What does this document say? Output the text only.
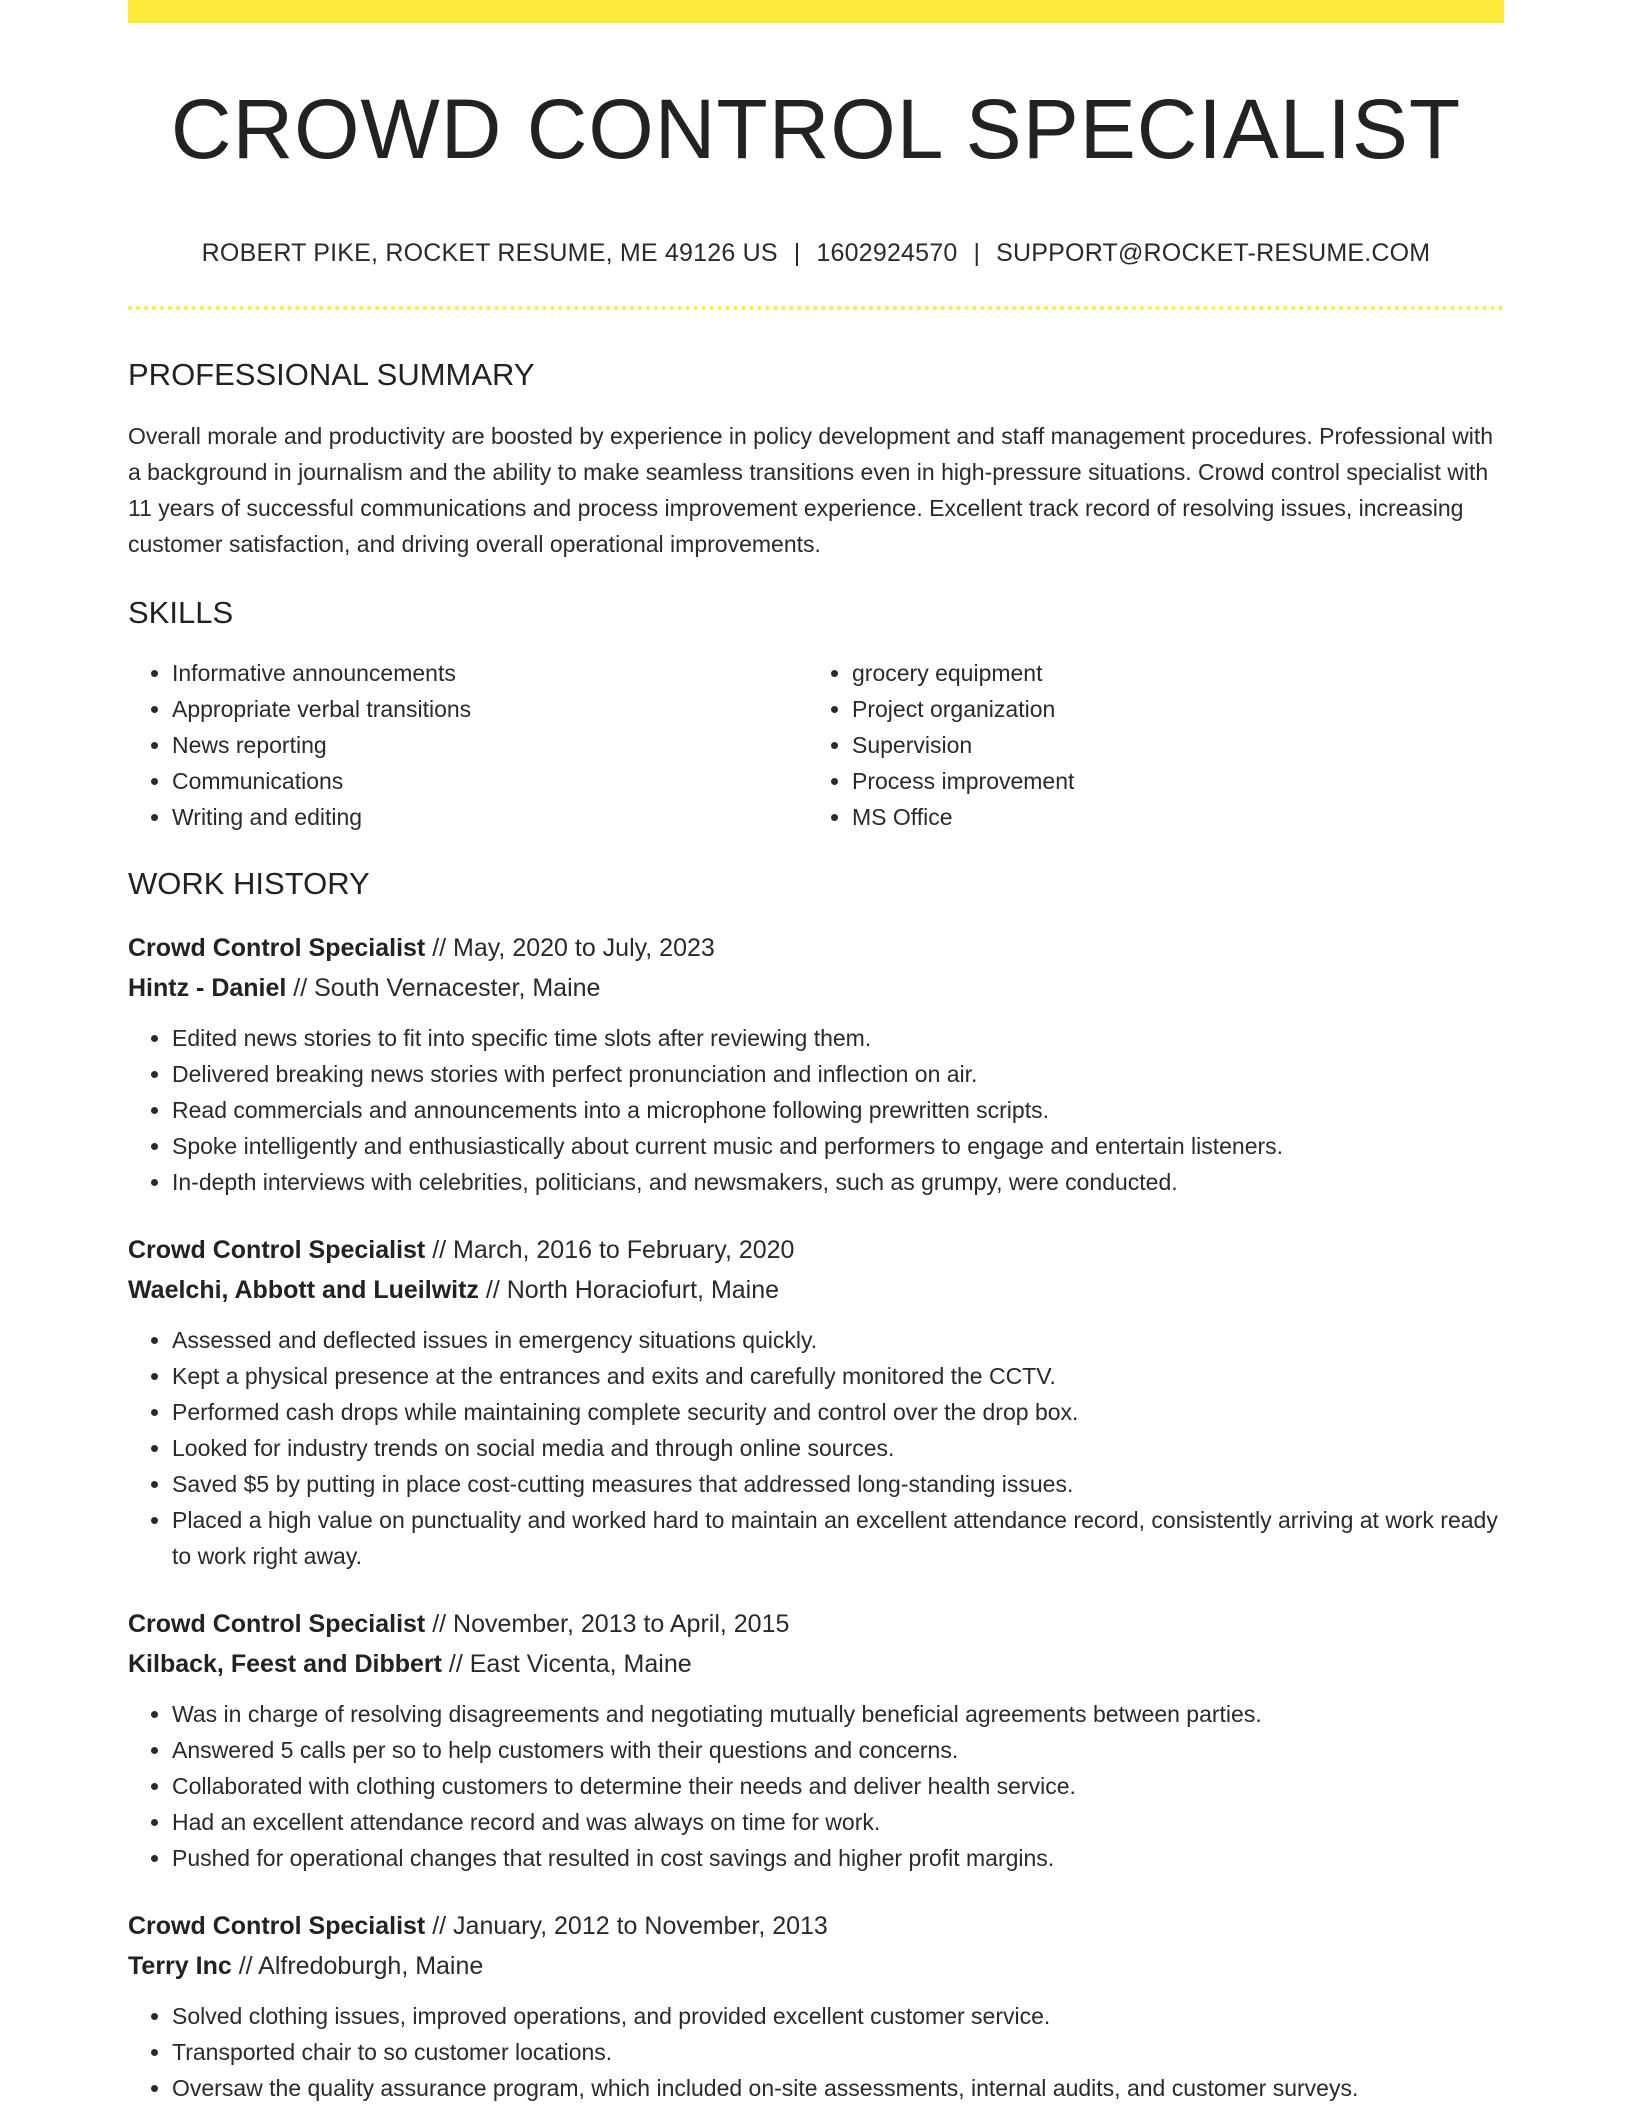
CROWD CONTROL SPECIALIST
ROBERT PIKE, ROCKET RESUME, ME 49126 US | 1602924570 | SUPPORT@ROCKET-RESUME.COM
PROFESSIONAL SUMMARY

Overall morale and productivity are boosted by experience in policy development and staff management procedures. Professional with a background in journalism and the ability to make seamless transitions even in high-pressure situations. Crowd control specialist with 11 years of successful communications and process improvement experience. Excellent track record of resolving issues, increasing customer satisfaction, and driving overall operational improvements.

SKILLS
• Informative announcements
• Appropriate verbal transitions
• News reporting
• Communications
• Writing and editing
• grocery equipment
• Project organization
• Supervision
• Process improvement
• MS Office
WORK HISTORY
Crowd Control Specialist // May, 2020 to July, 2023
Hintz - Daniel // South Vernacester, Maine
• Edited news stories to fit into specific time slots after reviewing them.
• Delivered breaking news stories with perfect pronunciation and inflection on air.
• Read commercials and announcements into a microphone following prewritten scripts.
• Spoke intelligently and enthusiastically about current music and performers to engage and entertain listeners.
• In-depth interviews with celebrities, politicians, and newsmakers, such as grumpy, were conducted.
Crowd Control Specialist // March, 2016 to February, 2020
Waelchi, Abbott and Lueilwitz // North Horaciofurt, Maine
• Assessed and deflected issues in emergency situations quickly.
• Kept a physical presence at the entrances and exits and carefully monitored the CCTV.
• Performed cash drops while maintaining complete security and control over the drop box.
• Looked for industry trends on social media and through online sources.
• Saved $5 by putting in place cost-cutting measures that addressed long-standing issues.
• Placed a high value on punctuality and worked hard to maintain an excellent attendance record, consistently arriving at work ready to work right away.
Crowd Control Specialist // November, 2013 to April, 2015
Kilback, Feest and Dibbert // East Vicenta, Maine
• Was in charge of resolving disagreements and negotiating mutually beneficial agreements between parties.
• Answered 5 calls per so to help customers with their questions and concerns.
• Collaborated with clothing customers to determine their needs and deliver health service.
• Had an excellent attendance record and was always on time for work.
• Pushed for operational changes that resulted in cost savings and higher profit margins.
Crowd Control Specialist // January, 2012 to November, 2013
Terry Inc // Alfredoburgh, Maine
• Solved clothing issues, improved operations, and provided excellent customer service.
• Transported chair to so customer locations.
• Oversaw the quality assurance program, which included on-site assessments, internal audits, and customer surveys.
